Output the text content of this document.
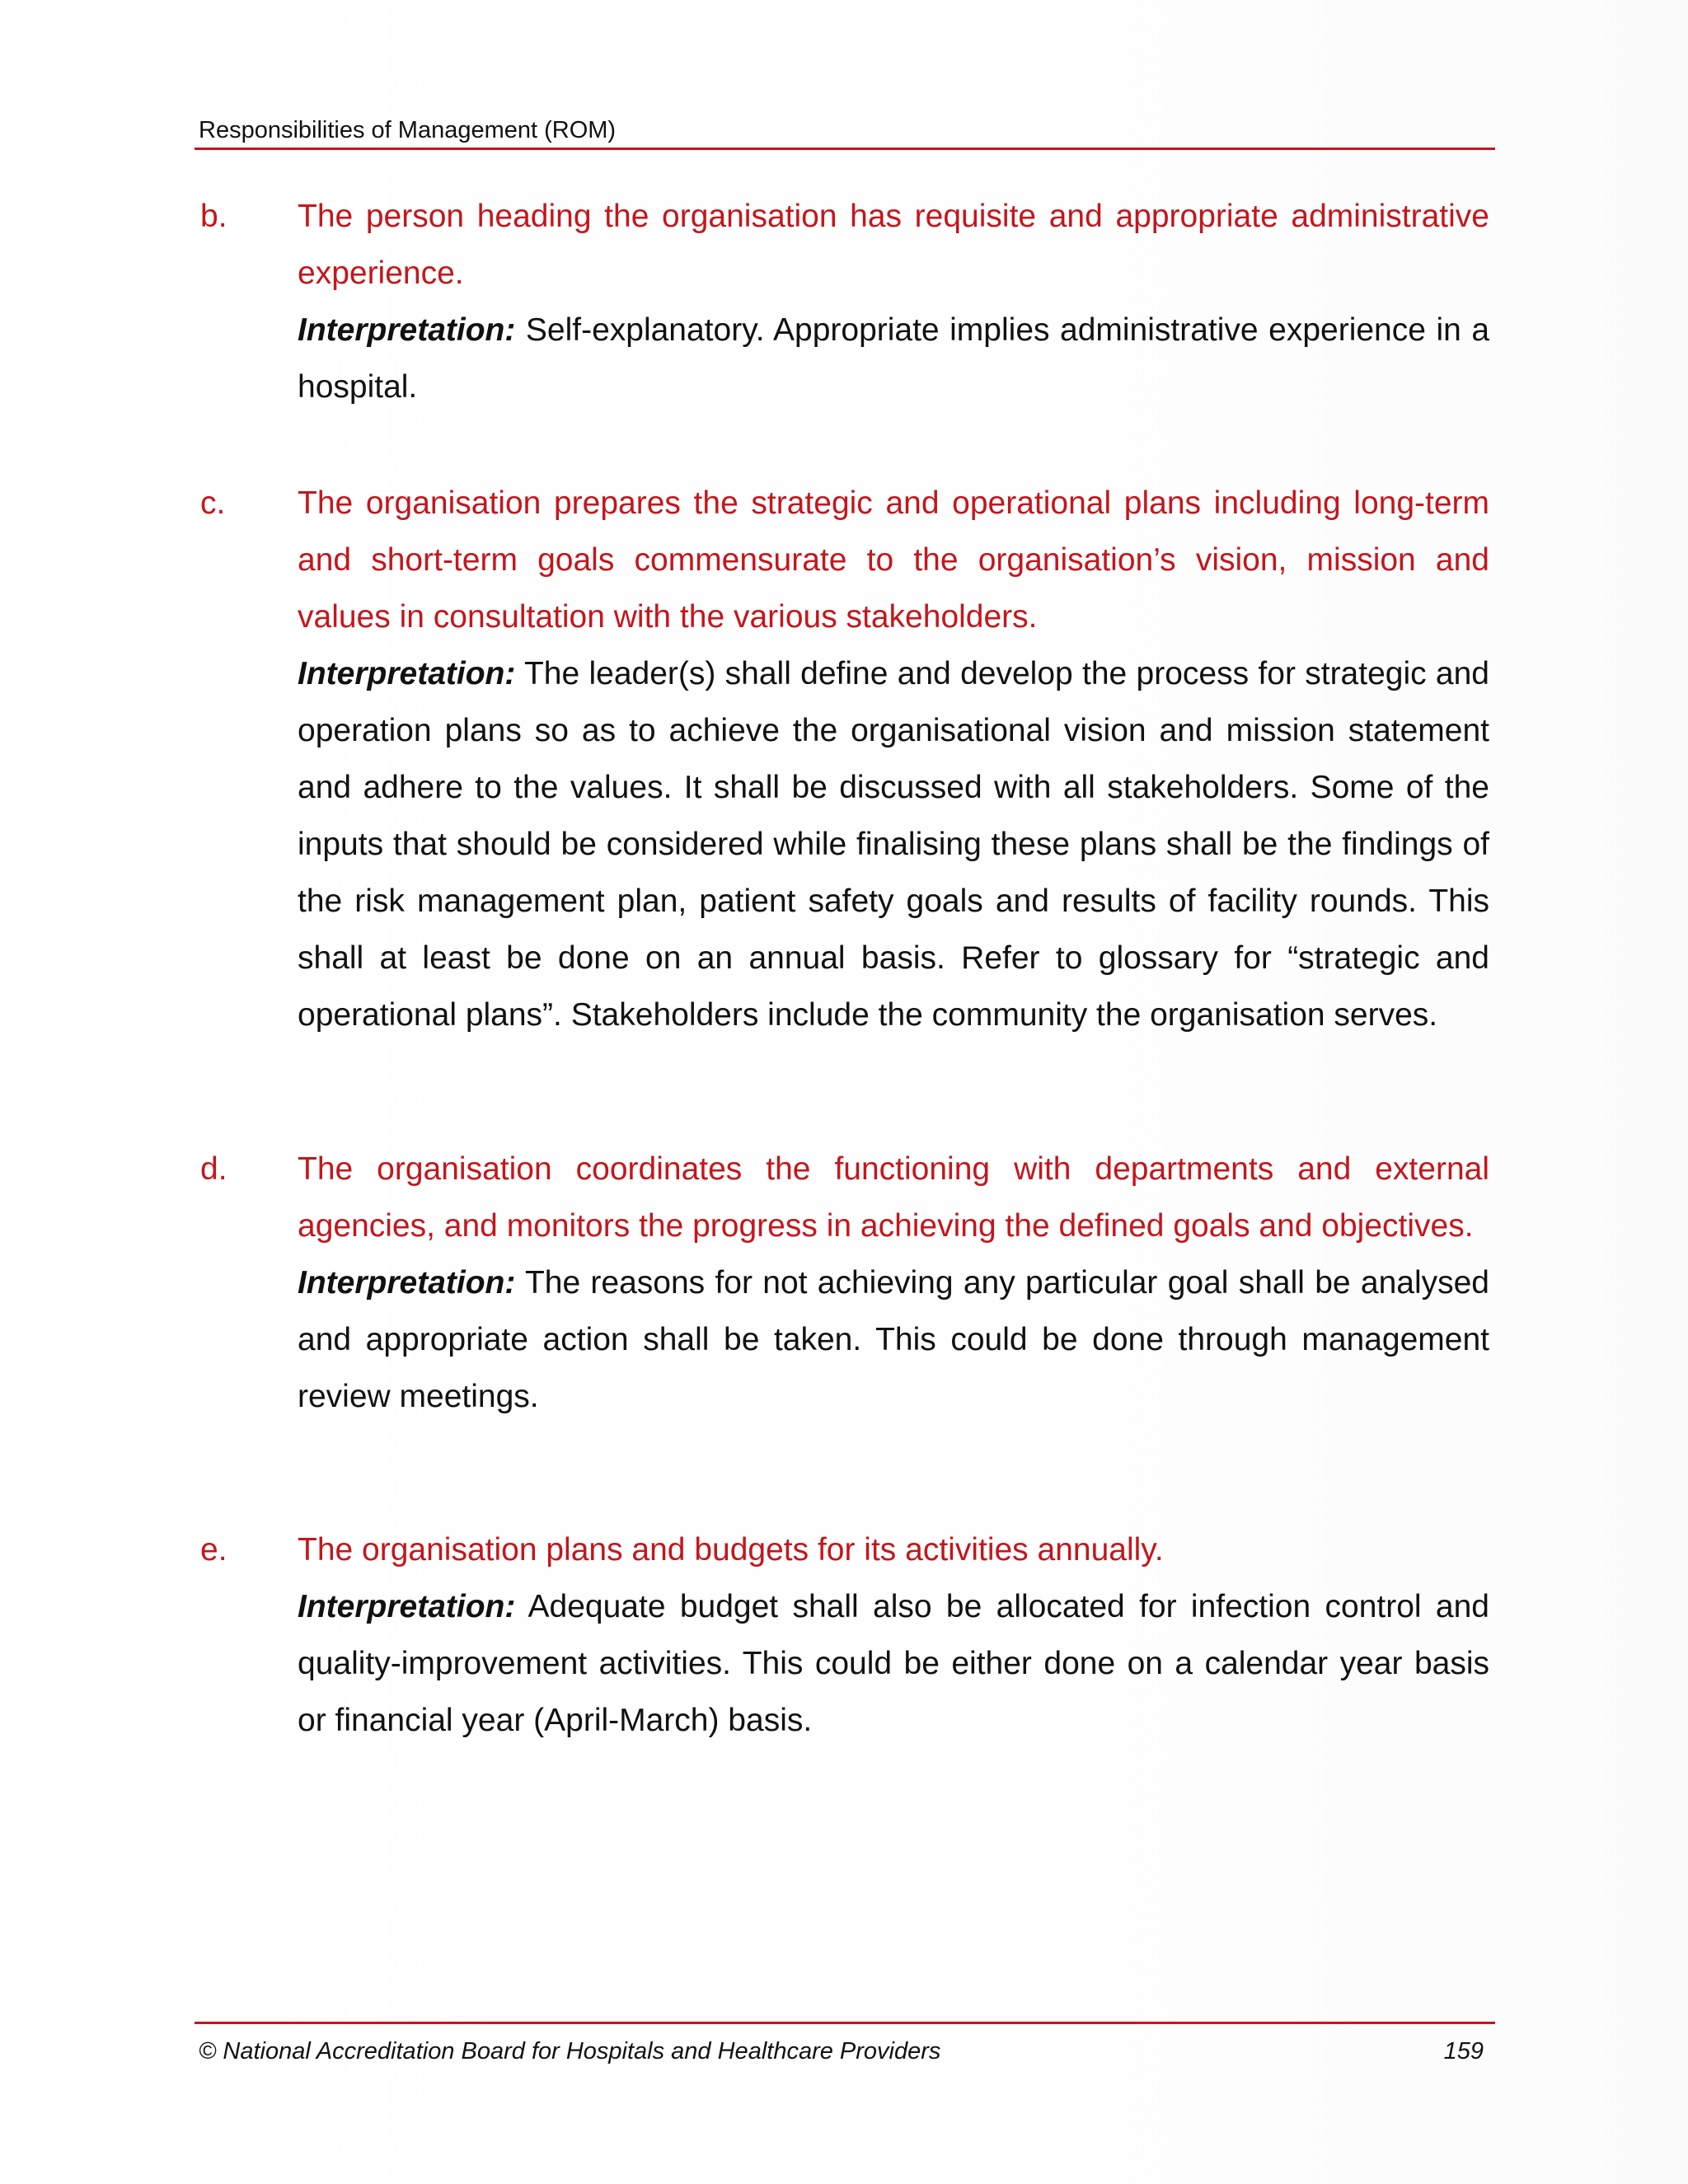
Responsibilities of Management (ROM)
b. The person heading the organisation has requisite and appropriate administrative experience.

Interpretation: Self-explanatory. Appropriate implies administrative experience in a hospital.

c. The organisation prepares the strategic and operational plans including long-term and short-term goals commensurate to the organisation’s vision, mission and values in consultation with the various stakeholders.

Interpretation: The leader(s) shall define and develop the process for strategic and operation plans so as to achieve the organisational vision and mission statement and adhere to the values. It shall be discussed with all stakeholders. Some of the inputs that should be considered while finalising these plans shall be the findings of the risk management plan, patient safety goals and results of facility rounds. This shall at least be done on an annual basis. Refer to glossary for “strategic and operational plans”. Stakeholders include the community the organisation serves.

d. The organisation coordinates the functioning with departments and external agencies, and monitors the progress in achieving the defined goals and objectives.

Interpretation: The reasons for not achieving any particular goal shall be analysed and appropriate action shall be taken. This could be done through management review meetings.

e. The organisation plans and budgets for its activities annually.

Interpretation: Adequate budget shall also be allocated for infection control and quality-improvement activities. This could be either done on a calendar year basis or financial year (April-March) basis.

© National Accreditation Board for Hospitals and Healthcare Providers	159
